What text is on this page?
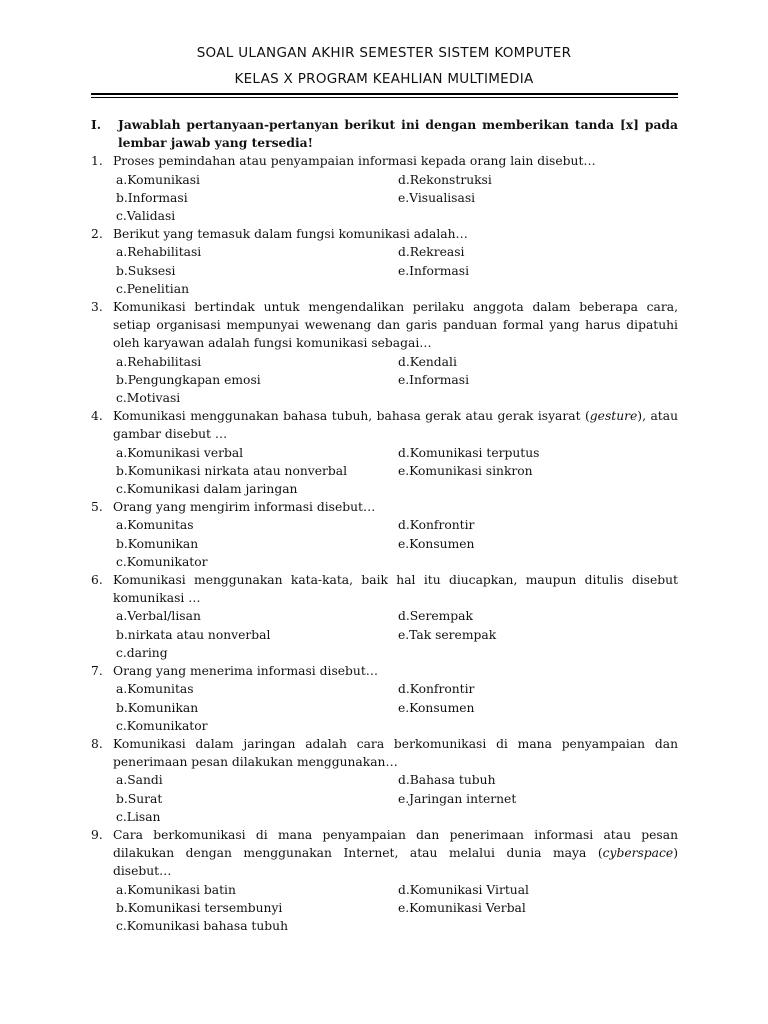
SOAL ULANGAN AKHIR SEMESTER SISTEM KOMPUTER
KELAS X PROGRAM KEAHLIAN MULTIMEDIA
I.	Jawablah pertanyaan-pertanyan berikut ini dengan memberikan tanda [x] pada lembar jawab yang tersedia!
1. Proses pemindahan atau penyampaian informasi kepada orang lain disebut…
a. Komunikasi	d. Rekonstruksi
b. Informasi	e. Visualisasi
c. Validasi
2. Berikut yang temasuk dalam fungsi komunikasi adalah…
a. Rehabilitasi	d. Rekreasi
b. Suksesi	e. Informasi
c. Penelitian
3. Komunikasi bertindak untuk mengendalikan perilaku anggota dalam beberapa cara, setiap organisasi mempunyai wewenang dan garis panduan formal yang harus dipatuhi oleh karyawan adalah fungsi komunikasi sebagai…
a. Rehabilitasi	d. Kendali
b. Pengungkapan emosi	e. Informasi
c. Motivasi
4. Komunikasi menggunakan bahasa tubuh, bahasa gerak atau gerak isyarat (gesture), atau gambar disebut …
a. Komunikasi verbal	d. Komunikasi terputus
b. Komunikasi nirkata atau nonverbal	e. Komunikasi sinkron
c. Komunikasi dalam jaringan
5. Orang yang mengirim informasi disebut…
a. Komunitas	d. Konfrontir
b. Komunikan	e. Konsumen
c. Komunikator
6. Komunikasi menggunakan kata-kata, baik hal itu diucapkan, maupun ditulis disebut komunikasi …
a. Verbal/lisan	d. Serempak
b. nirkata atau nonverbal	e. Tak serempak
c. daring
7. Orang yang menerima informasi disebut…
a. Komunitas	d. Konfrontir
b. Komunikan	e. Konsumen
c. Komunikator
8. Komunikasi dalam jaringan adalah cara berkomunikasi di mana penyampaian dan penerimaan pesan dilakukan menggunakan…
a. Sandi	d. Bahasa tubuh
b. Surat	e. Jaringan internet
c. Lisan
9. Cara berkomunikasi di mana penyampaian dan penerimaan informasi atau pesan dilakukan dengan menggunakan Internet, atau melalui dunia maya (cyberspace) disebut…
a. Komunikasi batin	d. Komunikasi Virtual
b. Komunikasi tersembunyi	e. Komunikasi Verbal
c. Komunikasi bahasa tubuh
